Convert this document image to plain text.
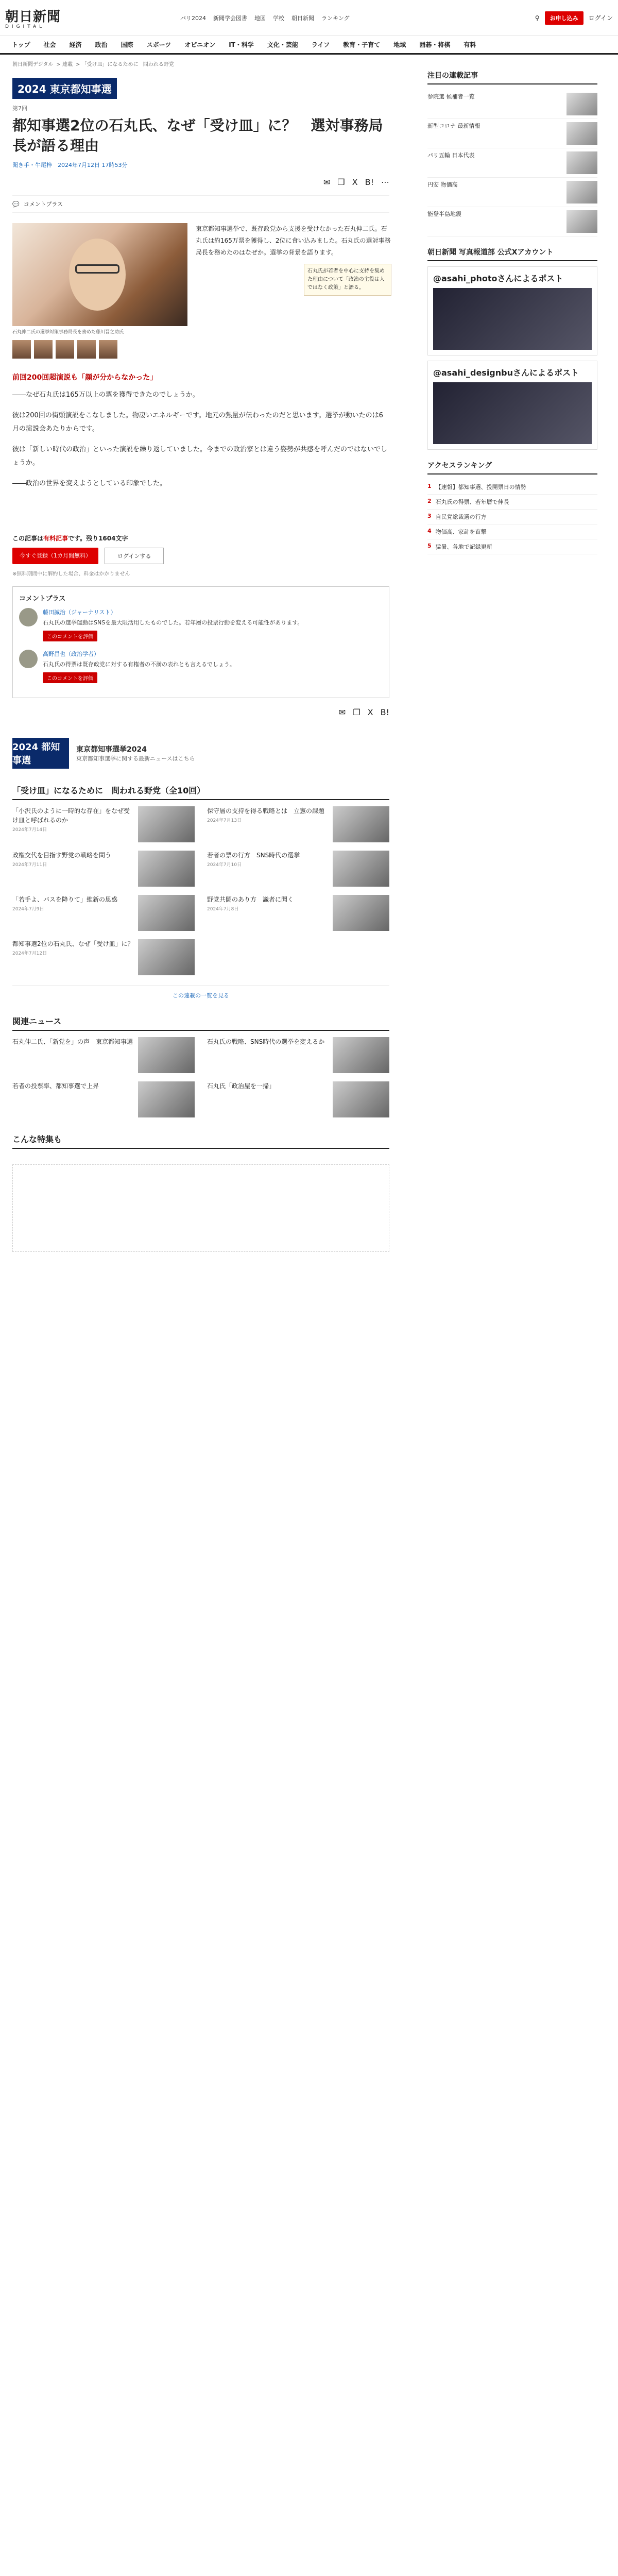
朝日新聞
DIGITAL
パリ2024 新聞学会図書 地図 学校 朝日新聞 ランキング	⚲	お申し込み	ログイン
トップ	社会	経済	政治	国際	スポーツ	オピニオン	IT・科学	文化・芸能	ライフ	教育・子育て	地域	囲碁・将棋	有料
朝日新聞デジタル > 連載 > 「受け皿」になるために 問われる野党
2024 東京都知事選
第7回
都知事選2位の石丸氏、なぜ「受け皿」に？　選対事務局長が語る理由
聞き手・牛尾梓　2024年7月12日 17時53分
✉ ❒ X B! ⋯
💬 コメントプラス
石丸伸二氏の選挙対策事務局長を務めた藤川晋之助氏
東京都知事選挙で、既存政党から支援を受けなかった石丸伸二氏。石丸氏は約165万票を獲得し、2位に食い込みました。石丸氏の選対事務局長を務めたのはなぜか。選挙の背景を語ります。
石丸氏が若者を中心に支持を集めた理由について「政治の主役は人ではなく政策」と語る。
前回200回超演説も「顔が分からなかった」

――なぜ石丸氏は165万以上の票を獲得できたのでしょうか。

彼は200回の街頭演説をこなしました。物凄いエネルギーです。地元の熱量が伝わったのだと思います。選挙が動いたのは6月の演説会あたりからです。

彼は「新しい時代の政治」といった演説を繰り返していました。今までの政治家とは違う姿勢が共感を呼んだのではないでしょうか。

――政治の世界を変えようとしている印象でした。

この記事は有料記事です。残り1604文字
今すぐ登録（1カ月間無料）	ログインする
※無料期間中に解約した場合、料金はかかりません
コメントプラス
藤田誠治（ジャーナリスト）
石丸氏の選挙運動はSNSを最大限活用したものでした。若年層の投票行動を変える可能性があります。
このコメントを評価
高野昌也（政治学者）
石丸氏の得票は既存政党に対する有権者の不満の表れとも言えるでしょう。
このコメントを評価
✉ ❒ X B!
2024 都知事選
東京都知事選挙2024

東京都知事選挙に関する最新ニュースはこちら

「受け皿」になるために　問われる野党（全10回）
「小沢氏のように一時的な存在」をなぜ受け皿と呼ばれるのか
2024年7月14日
保守層の支持を得る戦略とは　立憲の課題
2024年7月13日
政権交代を目指す野党の戦略を問う
2024年7月11日
若者の票の行方　SNS時代の選挙
2024年7月10日
「若手よ、バスを降りて」維新の思惑
2024年7月9日
野党共闘のあり方　識者に聞く
2024年7月8日
都知事選2位の石丸氏、なぜ「受け皿」に？
2024年7月12日
この連載の一覧を見る
関連ニュース
石丸伸二氏、「新党を」の声　東京都知事選	石丸氏の戦略、SNS時代の選挙を変えるか
若者の投票率、都知事選で上昇	石丸氏「政治屋を一掃」
こんな特集も
注目の連載記事
参院選 候補者一覧
新型コロナ 最新情報
パリ五輪 日本代表
円安 物価高
能登半島地震
朝日新聞 写真報道部 公式Xアカウント
@asahi_photoさんによるポスト
@asahi_designbuさんによるポスト
アクセスランキング
1 【速報】都知事選、投開票日の情勢
2 石丸氏の得票、若年層で伸長
3 自民党総裁選の行方
4 物価高、家計を直撃
5 猛暑、各地で記録更新
